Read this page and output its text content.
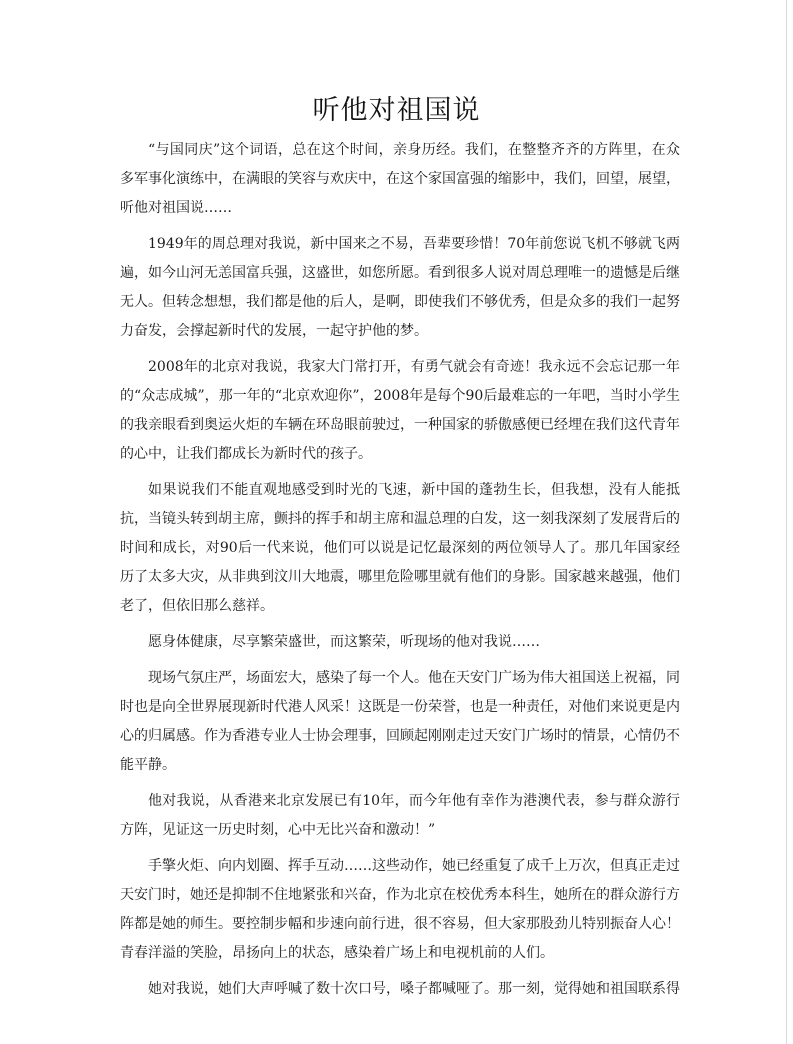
听他对祖国说

“与国同庆”这个词语，总在这个时间，亲身历经。我们，在整整齐齐的方阵里，在众多军事化演练中，在满眼的笑容与欢庆中，在这个家国富强的缩影中，我们，回望，展望，听他对祖国说……

1949年的周总理对我说，新中国来之不易，吾辈要珍惜！70年前您说飞机不够就飞两遍，如今山河无恙国富兵强，这盛世，如您所愿。看到很多人说对周总理唯一的遗憾是后继无人。但转念想想，我们都是他的后人，是啊，即使我们不够优秀，但是众多的我们一起努力奋发，会撑起新时代的发展，一起守护他的梦。

2008年的北京对我说，我家大门常打开，有勇气就会有奇迹！我永远不会忘记那一年的“众志成城”，那一年的“北京欢迎你”，2008年是每个90后最难忘的一年吧，当时小学生的我亲眼看到奥运火炬的车辆在环岛眼前驶过，一种国家的骄傲感便已经埋在我们这代青年的心中，让我们都成长为新时代的孩子。

如果说我们不能直观地感受到时光的飞速，新中国的蓬勃生长，但我想，没有人能抵抗，当镜头转到胡主席，颤抖的挥手和胡主席和温总理的白发，这一刻我深刻了发展背后的时间和成长，对90后一代来说，他们可以说是记忆最深刻的两位领导人了。那几年国家经历了太多大灾，从非典到汶川大地震，哪里危险哪里就有他们的身影。国家越来越强，他们老了，但依旧那么慈祥。

愿身体健康，尽享繁荣盛世，而这繁荣，听现场的他对我说……

现场气氛庄严，场面宏大，感染了每一个人。他在天安门广场为伟大祖国送上祝福，同时也是向全世界展现新时代港人风采！这既是一份荣誉，也是一种责任，对他们来说更是内心的归属感。作为香港专业人士协会理事，回顾起刚刚走过天安门广场时的情景，心情仍不能平静。

他对我说，从香港来北京发展已有10年，而今年他有幸作为港澳代表，参与群众游行方阵，见证这一历史时刻，心中无比兴奋和激动！”

手擎火炬、向内划圈、挥手互动……这些动作，她已经重复了成千上万次，但真正走过天安门时，她还是抑制不住地紧张和兴奋，作为北京在校优秀本科生，她所在的群众游行方阵都是她的师生。要控制步幅和步速向前行进，很不容易，但大家那股劲儿特别振奋人心！青春洋溢的笑脸，昂扬向上的状态，感染着广场上和电视机前的人们。

她对我说，她们大声呼喊了数十次口号，嗓子都喊哑了。那一刻，觉得她和祖国联系得
